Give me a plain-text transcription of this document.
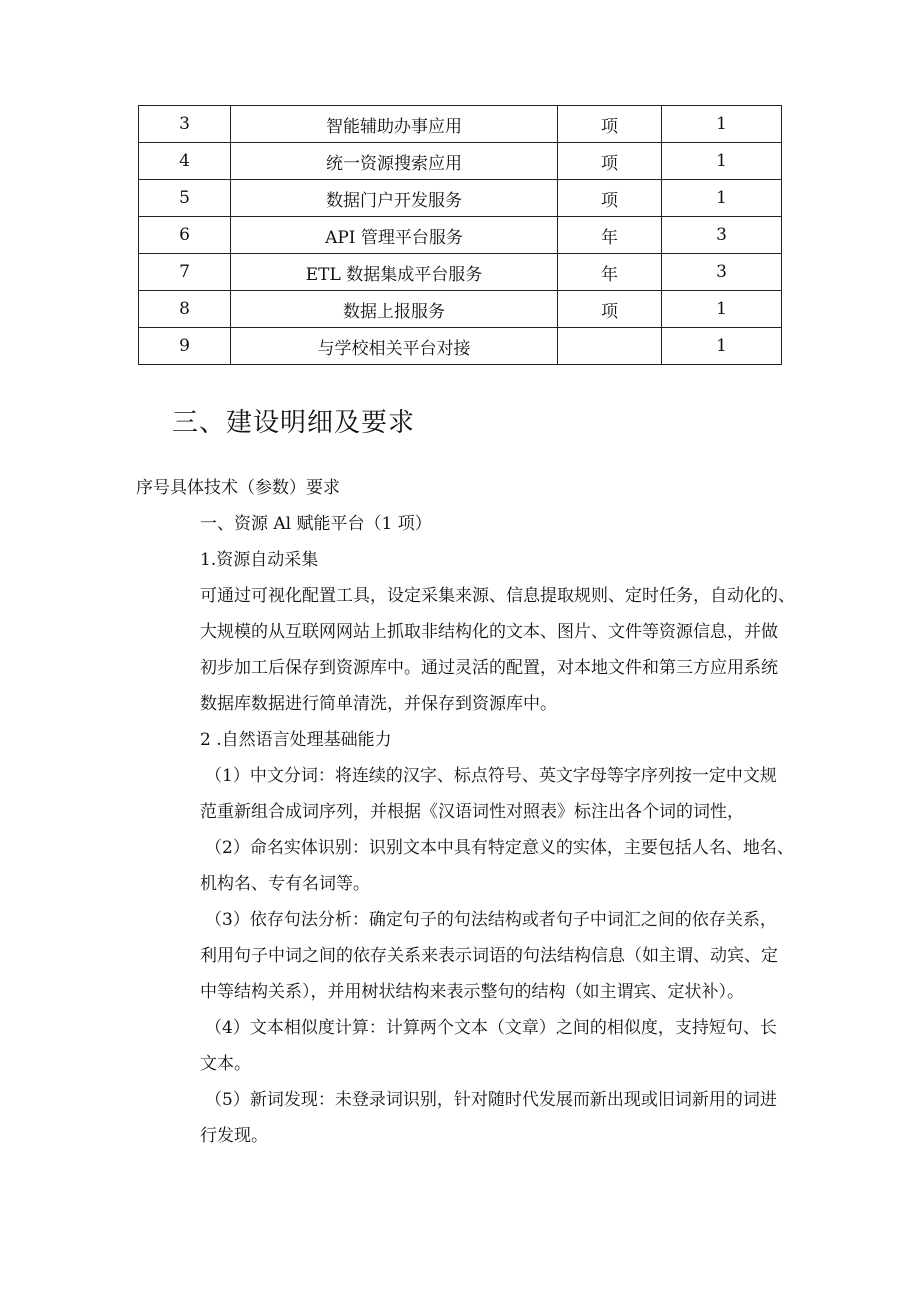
3	智能辅助办事应用	项	1
4	统一资源搜索应用	项	1
5	数据门户开发服务	项	1
6	API 管理平台服务	年	3
7	ETL 数据集成平台服务	年	3
8	数据上报服务	项	1
9	与学校相关平台对接		1
三、建设明细及要求

序号具体技术（参数）要求

一、资源 Al 赋能平台（1 项）

1.资源自动采集

可通过可视化配置工具，设定采集来源、信息提取规则、定时任务，自动化的、

大规模的从互联网网站上抓取非结构化的文本、图片、文件等资源信息，并做

初步加工后保存到资源库中。通过灵活的配置，对本地文件和第三方应用系统

数据库数据进行简单清洗，并保存到资源库中。

2 .自然语言处理基础能力

（1）中文分词：将连续的汉字、标点符号、英文字母等字序列按一定中文规

范重新组合成词序列，并根据《汉语词性对照表》标注出各个词的词性，

（2）命名实体识别：识别文本中具有特定意义的实体，主要包括人名、地名、

机构名、专有名词等。

（3）依存句法分析：确定句子的句法结构或者句子中词汇之间的依存关系，

利用句子中词之间的依存关系来表示词语的句法结构信息（如主谓、动宾、定

中等结构关系），并用树状结构来表示整句的结构（如主谓宾、定状补）。

（4）文本相似度计算：计算两个文本（文章）之间的相似度，支持短句、长

文本。

（5）新词发现：未登录词识别，针对随时代发展而新出现或旧词新用的词进

行发现。
